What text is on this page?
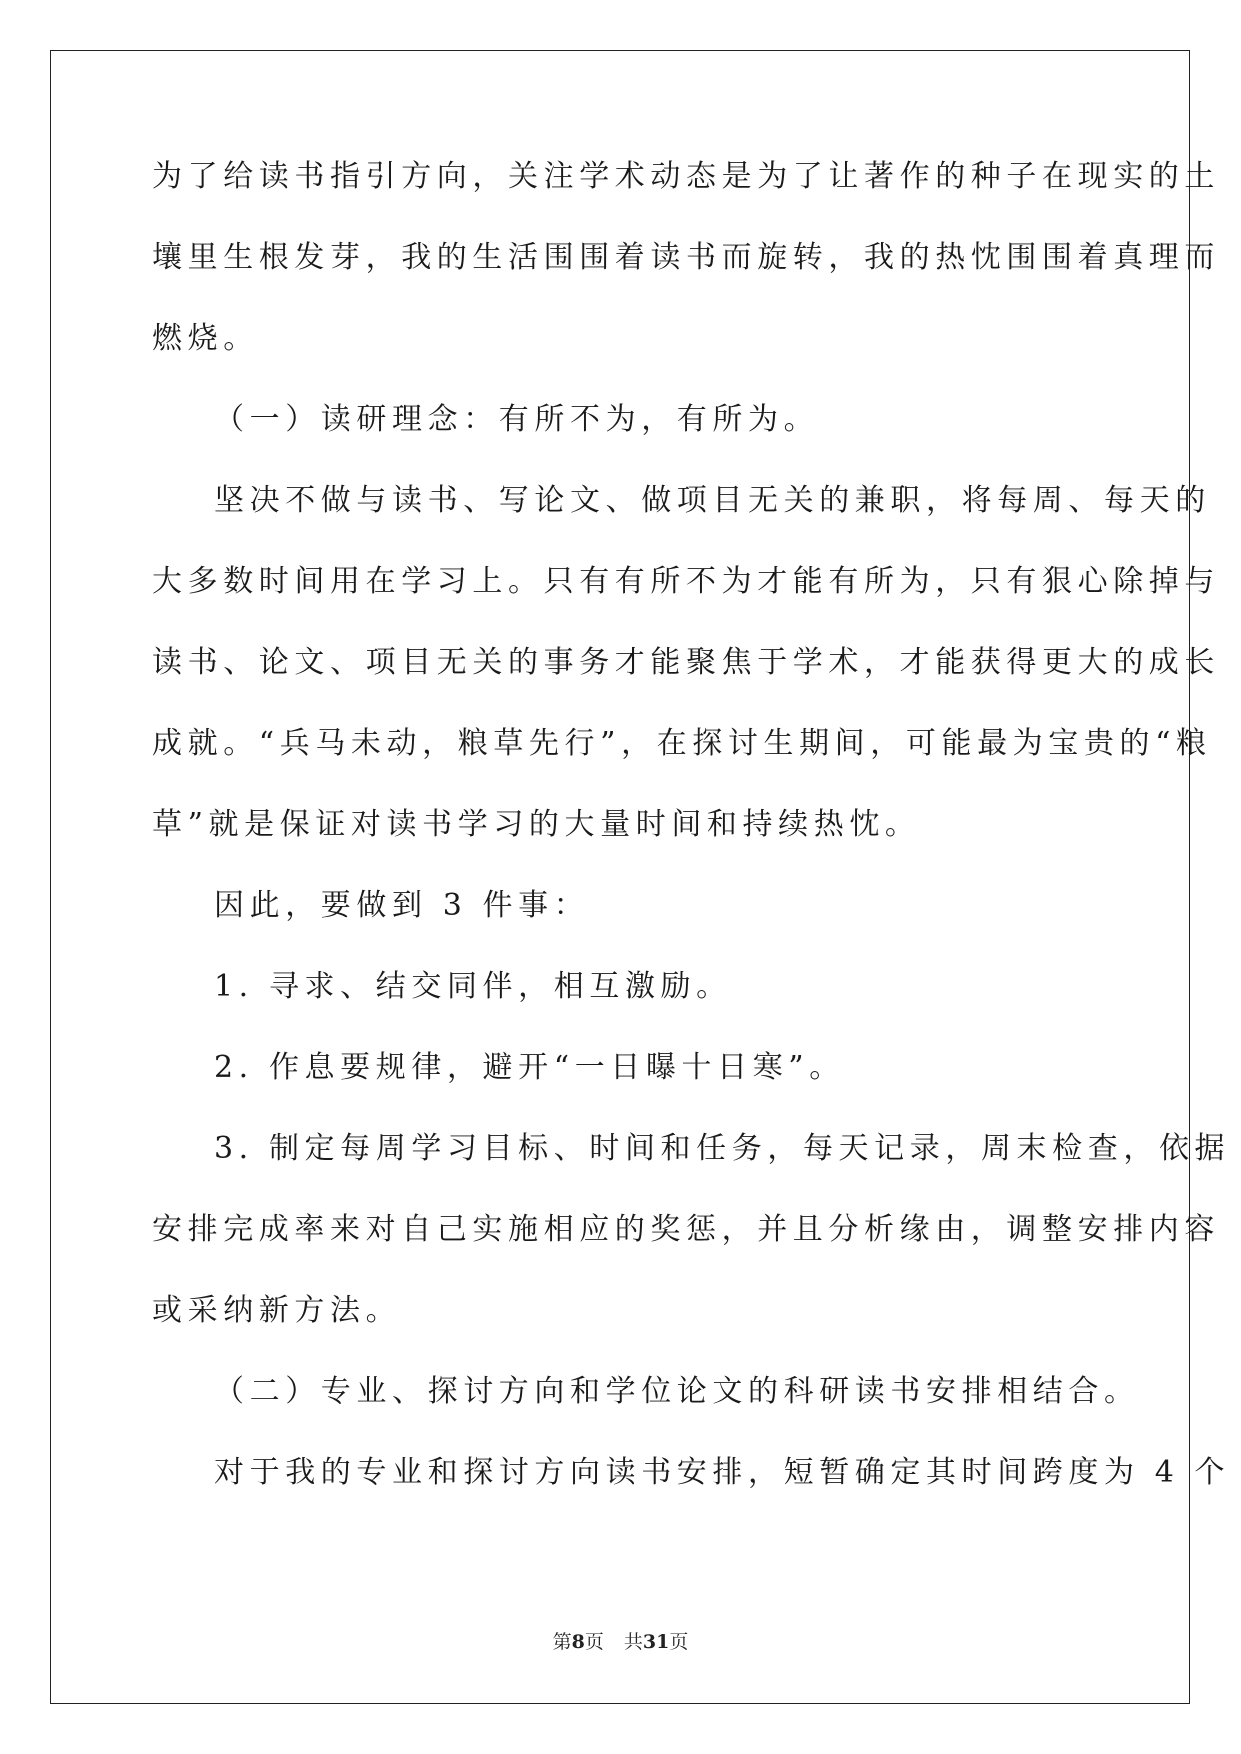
为了给读书指引方向，关注学术动态是为了让著作的种子在现实的土
壤里生根发芽，我的生活围围着读书而旋转，我的热忱围围着真理而
燃烧。
（一）读研理念：有所不为，有所为。
坚决不做与读书、写论文、做项目无关的兼职，将每周、每天的
大多数时间用在学习上。只有有所不为才能有所为，只有狠心除掉与
读书、论文、项目无关的事务才能聚焦于学术，才能获得更大的成长
成就。“兵马未动，粮草先行”，在探讨生期间，可能最为宝贵的“粮
草”就是保证对读书学习的大量时间和持续热忱。
因此，要做到 3 件事：
1. 寻求、结交同伴，相互激励。
2. 作息要规律，避开“一日曝十日寒”。
3. 制定每周学习目标、时间和任务，每天记录，周末检查，依据
安排完成率来对自己实施相应的奖惩，并且分析缘由，调整安排内容
或采纳新方法。
（二）专业、探讨方向和学位论文的科研读书安排相结合。
对于我的专业和探讨方向读书安排，短暂确定其时间跨度为 4 个
第8页 共31页
